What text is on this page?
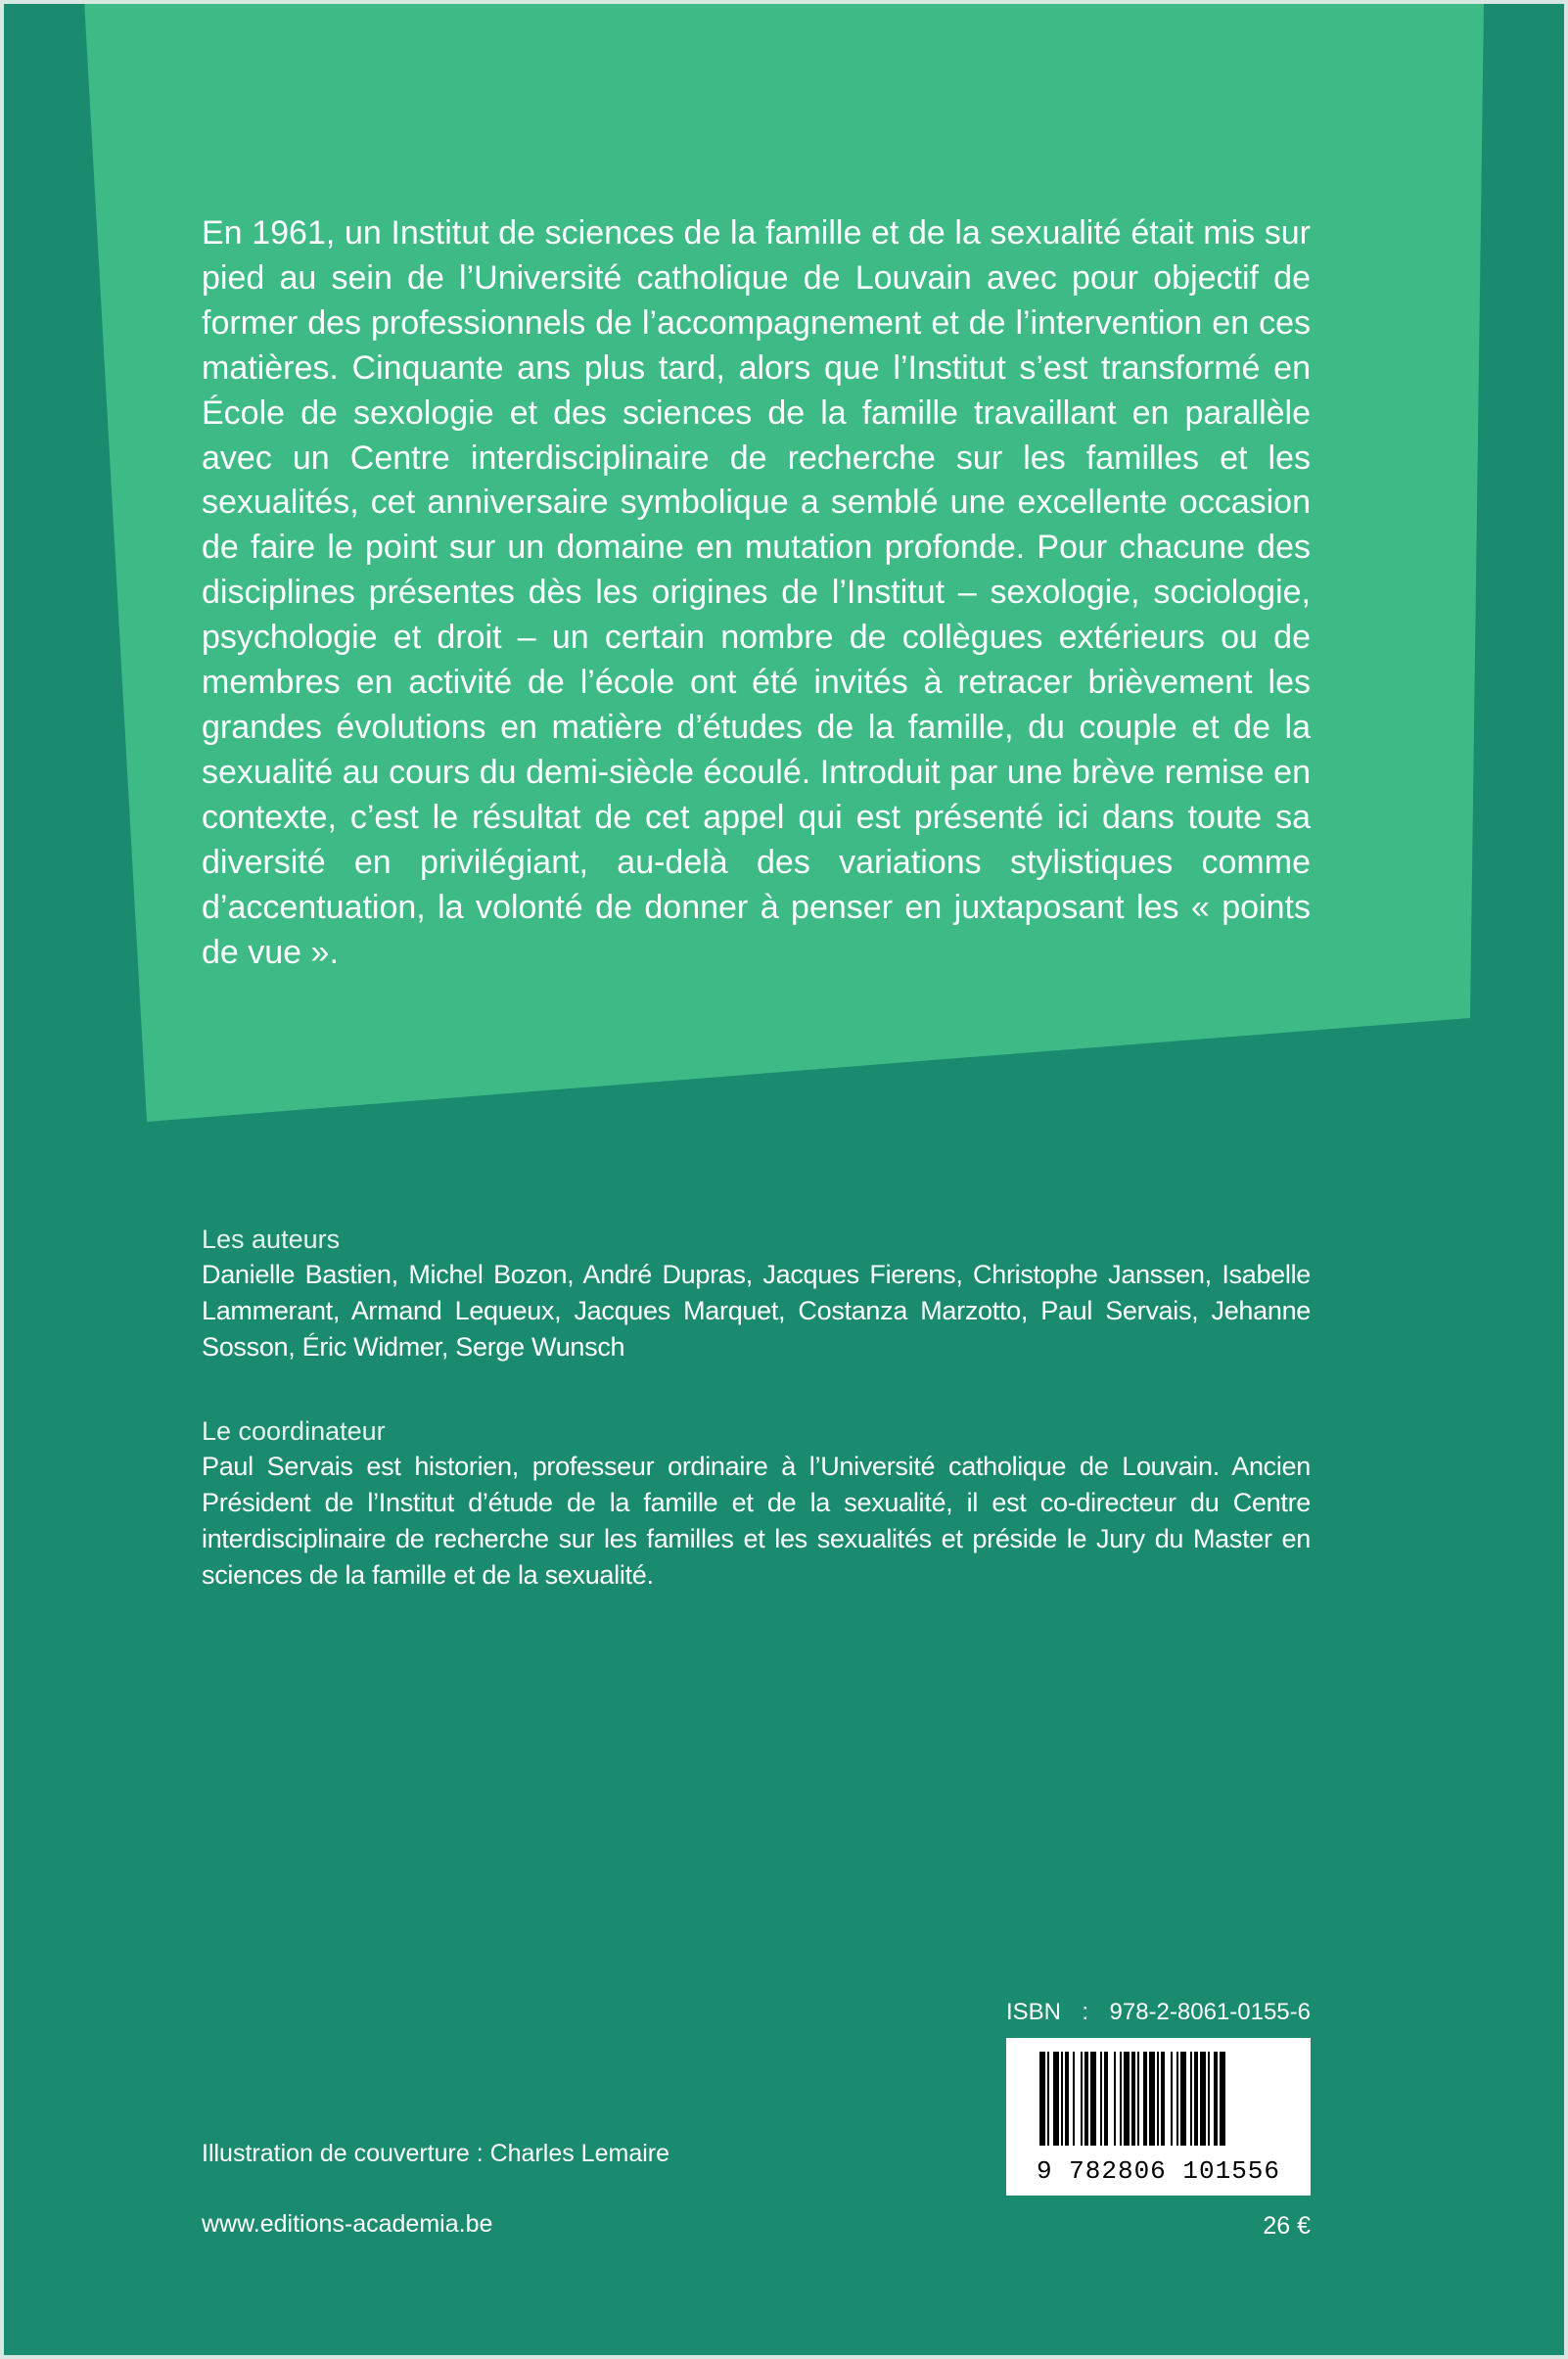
En 1961, un Institut de sciences de la famille et de la sexualité était mis sur pied au sein de l’Université catholique de Louvain avec pour objectif de former des professionnels de l’accompagnement et de l’intervention en ces matières. Cinquante ans plus tard, alors que l’Institut s’est transformé en École de sexologie et des sciences de la famille travaillant en parallèle avec un Centre interdisciplinaire de recherche sur les familles et les sexualités, cet anniversaire symbolique a semblé une excellente occasion de faire le point sur un domaine en mutation profonde. Pour chacune des disciplines présentes dès les origines de l’Institut – sexologie, sociologie, psychologie et droit – un certain nombre de collègues extérieurs ou de membres en activité de l’école ont été invités à retracer brièvement les grandes évolutions en matière d’études de la famille, du couple et de la sexualité au cours du demi-siècle écoulé. Introduit par une brève remise en contexte, c’est le résultat de cet appel qui est présenté ici dans toute sa diversité en privilégiant, au-delà des variations stylistiques comme d’accentuation, la volonté de donner à penser en juxtaposant les « points de vue ».

Les auteurs

Danielle Bastien, Michel Bozon, André Dupras, Jacques Fierens, Christophe Janssen, Isabelle Lammerant, Armand Lequeux, Jacques Marquet, Costanza Marzotto, Paul Servais, Jehanne Sosson, Éric Widmer, Serge Wunsch

Le coordinateur

Paul Servais est historien, professeur ordinaire à l’Université catholique de Louvain. Ancien Président de l’Institut d’étude de la famille et de la sexualité, il est co-directeur du Centre interdisciplinaire de recherche sur les familles et les sexualités et préside le Jury du Master en sciences de la famille et de la sexualité.

ISBN : 978-2-8061-0155-6
9 782806 101556
Illustration de couverture : Charles Lemaire
www.editions-academia.be	26 €
